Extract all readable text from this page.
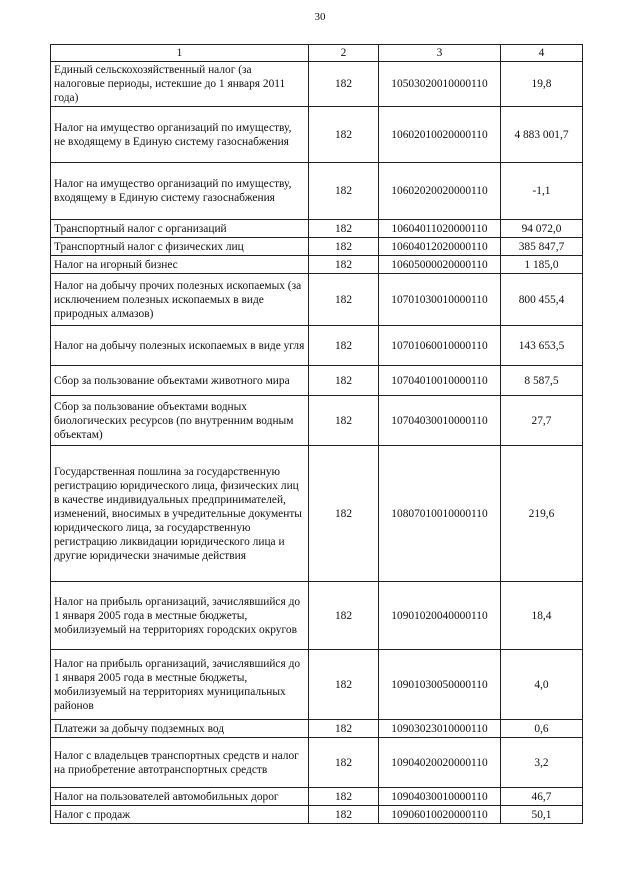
30
1	2	3	4
Единый сельскохозяйственный налог (за налоговые периоды, истекшие до 1 января 2011 года)	182	10503020010000110	19,8
Налог на имущество организаций по имуществу, не входящему в Единую систему газоснабжения	182	10602010020000110	4 883 001,7
Налог на имущество организаций по имуществу, входящему в Единую систему газоснабжения	182	10602020020000110	-1,1
Транспортный налог с организаций	182	10604011020000110	94 072,0
Транспортный налог с физических лиц	182	10604012020000110	385 847,7
Налог на игорный бизнес	182	10605000020000110	1 185,0
Налог на добычу прочих полезных ископаемых (за исключением полезных ископаемых в виде природных алмазов)	182	10701030010000110	800 455,4
Налог на добычу полезных ископаемых в виде угля	182	10701060010000110	143 653,5
Сбор за пользование объектами животного мира	182	10704010010000110	8 587,5
Сбор за пользование объектами водных биологических ресурсов (по внутренним водным объектам)	182	10704030010000110	27,7
Государственная пошлина за государственную регистрацию юридического лица, физических лиц в качестве индивидуальных предпринимателей, изменений, вносимых в учредительные документы юридического лица, за государственную регистрацию ликвидации юридического лица и другие юридически значимые действия	182	10807010010000110	219,6
Налог на прибыль организаций, зачислявшийся до 1 января 2005 года в местные бюджеты, мобилизуемый на территориях городских округов	182	10901020040000110	18,4
Налог на прибыль организаций, зачислявшийся до 1 января 2005 года в местные бюджеты, мобилизуемый на территориях муниципальных районов	182	10901030050000110	4,0
Платежи за добычу подземных вод	182	10903023010000110	0,6
Налог с владельцев транспортных средств и налог на приобретение автотранспортных средств	182	10904020020000110	3,2
Налог на пользователей автомобильных дорог	182	10904030010000110	46,7
Налог с продаж	182	10906010020000110	50,1
